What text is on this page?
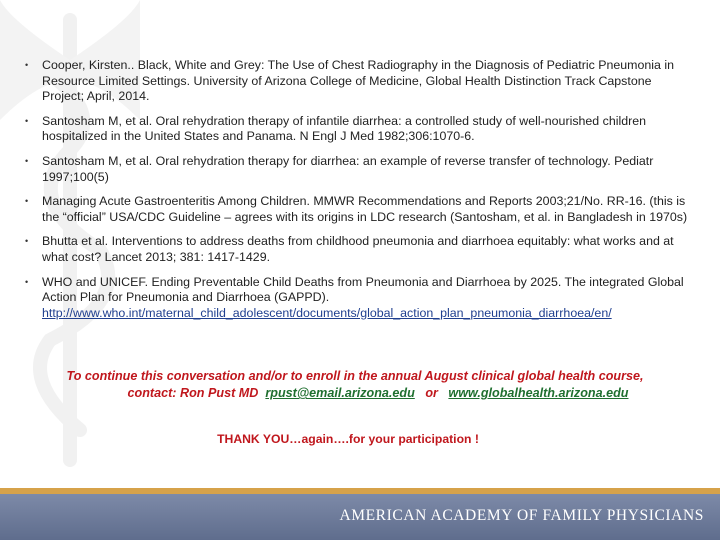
• Cooper, Kirsten.. Black, White and Grey: The Use of Chest Radiography in the Diagnosis of Pediatric Pneumonia in Resource Limited Settings. University of Arizona College of Medicine, Global Health Distinction Track Capstone Project; April, 2014.
• Santosham M, et al. Oral rehydration therapy of infantile diarrhea: a controlled study of well-nourished children hospitalized in the United States and Panama. N Engl J Med 1982;306:1070-6.
• Santosham M, et al. Oral rehydration therapy for diarrhea: an example of reverse transfer of technology. Pediatr 1997;100(5)
• Managing Acute Gastroenteritis Among Children. MMWR Recommendations and Reports 2003;21/No. RR-16. (this is the “official” USA/CDC Guideline – agrees with its origins in LDC research (Santosham, et al. in Bangladesh in 1970s)
• Bhutta et al. Interventions to address deaths from childhood pneumonia and diarrhoea equitably: what works and at what cost? Lancet 2013; 381: 1417-1429.
• WHO and UNICEF. Ending Preventable Child Deaths from Pneumonia and Diarrhoea by 2025. The integrated Global Action Plan for Pneumonia and Diarrhoea (GAPPD).
http://www.who.int/maternal_child_adolescent/documents/global_action_plan_pneumonia_diarrhoea/en/
To continue this conversation and/or to enroll in the annual August clinical global health course,
contact: Ron Pust MD rpust@email.arizona.edu or www.globalhealth.arizona.edu
THANK YOU…again….for your participation !
AMERICAN ACADEMY OF FAMILY PHYSICIANS
